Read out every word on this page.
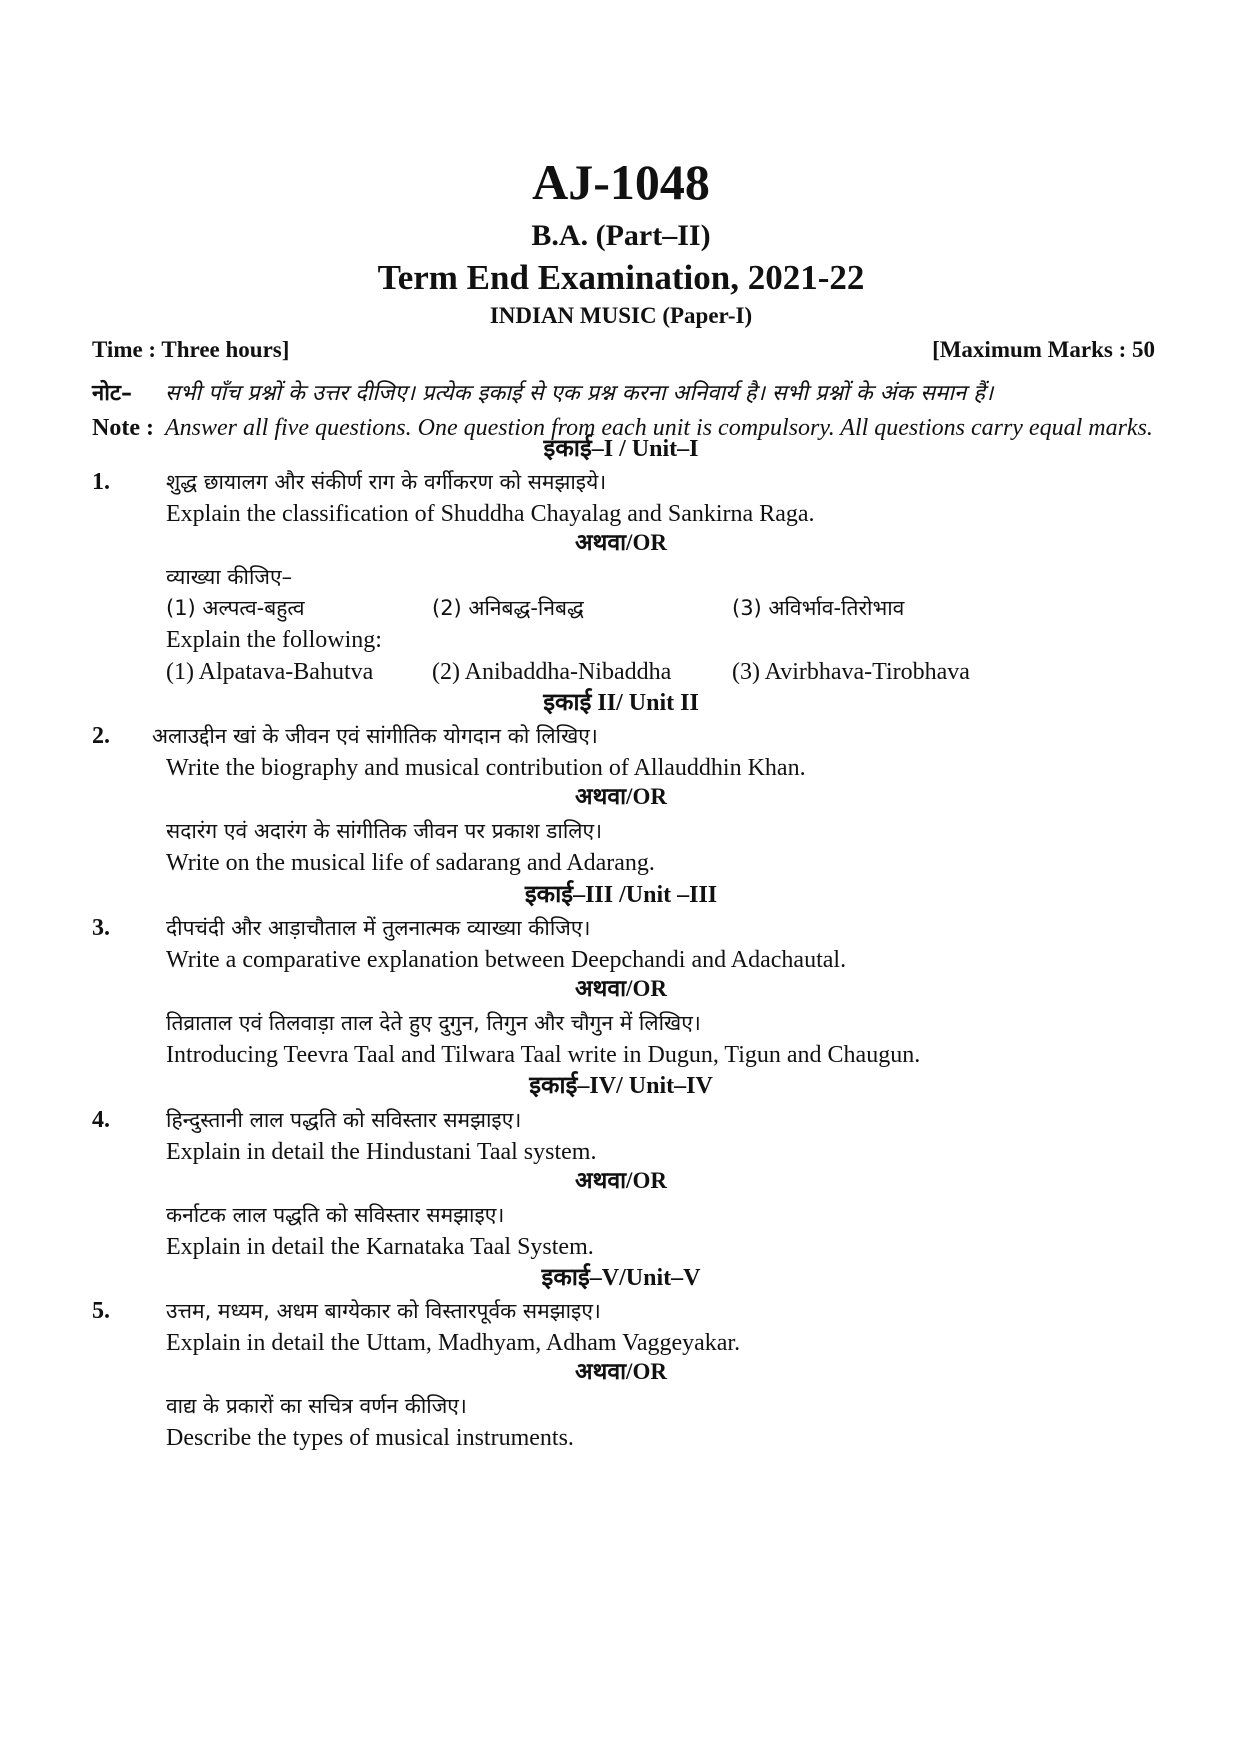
AJ-1048
B.A. (Part–II)
Term End Examination, 2021-22
INDIAN MUSIC (Paper-I)
Time : Three hours]	[Maximum Marks : 50
नोट– सभी पाँच प्रश्नों के उत्तर दीजिए। प्रत्येक इकाई से एक प्रश्न करना अनिवार्य है। सभी प्रश्नों के अंक समान हैं।
Note : Answer all five questions. One question from each unit is compulsory. All questions carry equal marks.
इकाई–I / Unit–I
1.	शुद्ध छायालग और संकीर्ण राग के वर्गीकरण को समझाइये।
Explain the classification of Shuddha Chayalag and Sankirna Raga.
अथवा/OR
व्याख्या कीजिए–
(1) अल्पत्व-बहुत्व	(2) अनिबद्ध-निबद्ध	(3) अविर्भाव-तिरोभाव
Explain the following:
(1) Alpatava-Bahutva (2) Anibaddha-Nibaddha	(3) Avirbhava-Tirobhava
इकाई II/ Unit II
2. अलाउद्दीन खां के जीवन एवं सांगीतिक योगदान को लिखिए।
Write the biography and musical contribution of Allauddhin Khan.
अथवा/OR
सदारंग एवं अदारंग के सांगीतिक जीवन पर प्रकाश डालिए।
Write on the musical life of sadarang and Adarang.
इकाई–III /Unit –III
3.	दीपचंदी और आड़ाचौताल में तुलनात्मक व्याख्या कीजिए।
Write a comparative explanation between Deepchandi and Adachautal.
अथवा/OR
तिव्राताल एवं तिलवाड़ा ताल देते हुए दुगुन, तिगुन और चौगुन में लिखिए।
Introducing Teevra Taal and Tilwara Taal write in Dugun, Tigun and Chaugun.
इकाई–IV/ Unit–IV
4.	हिन्दुस्तानी लाल पद्धति को सविस्तार समझाइए।
Explain in detail the Hindustani Taal system.
अथवा/OR
कर्नाटक लाल पद्धति को सविस्तार समझाइए।
Explain in detail the Karnataka Taal System.
इकाई–V/Unit–V
5.	उत्तम, मध्यम, अधम बाग्येकार को विस्तारपूर्वक समझाइए।
Explain in detail the Uttam, Madhyam, Adham Vaggeyakar.
अथवा/OR
वाद्य के प्रकारों का सचित्र वर्णन कीजिए।
Describe the types of musical instruments.
